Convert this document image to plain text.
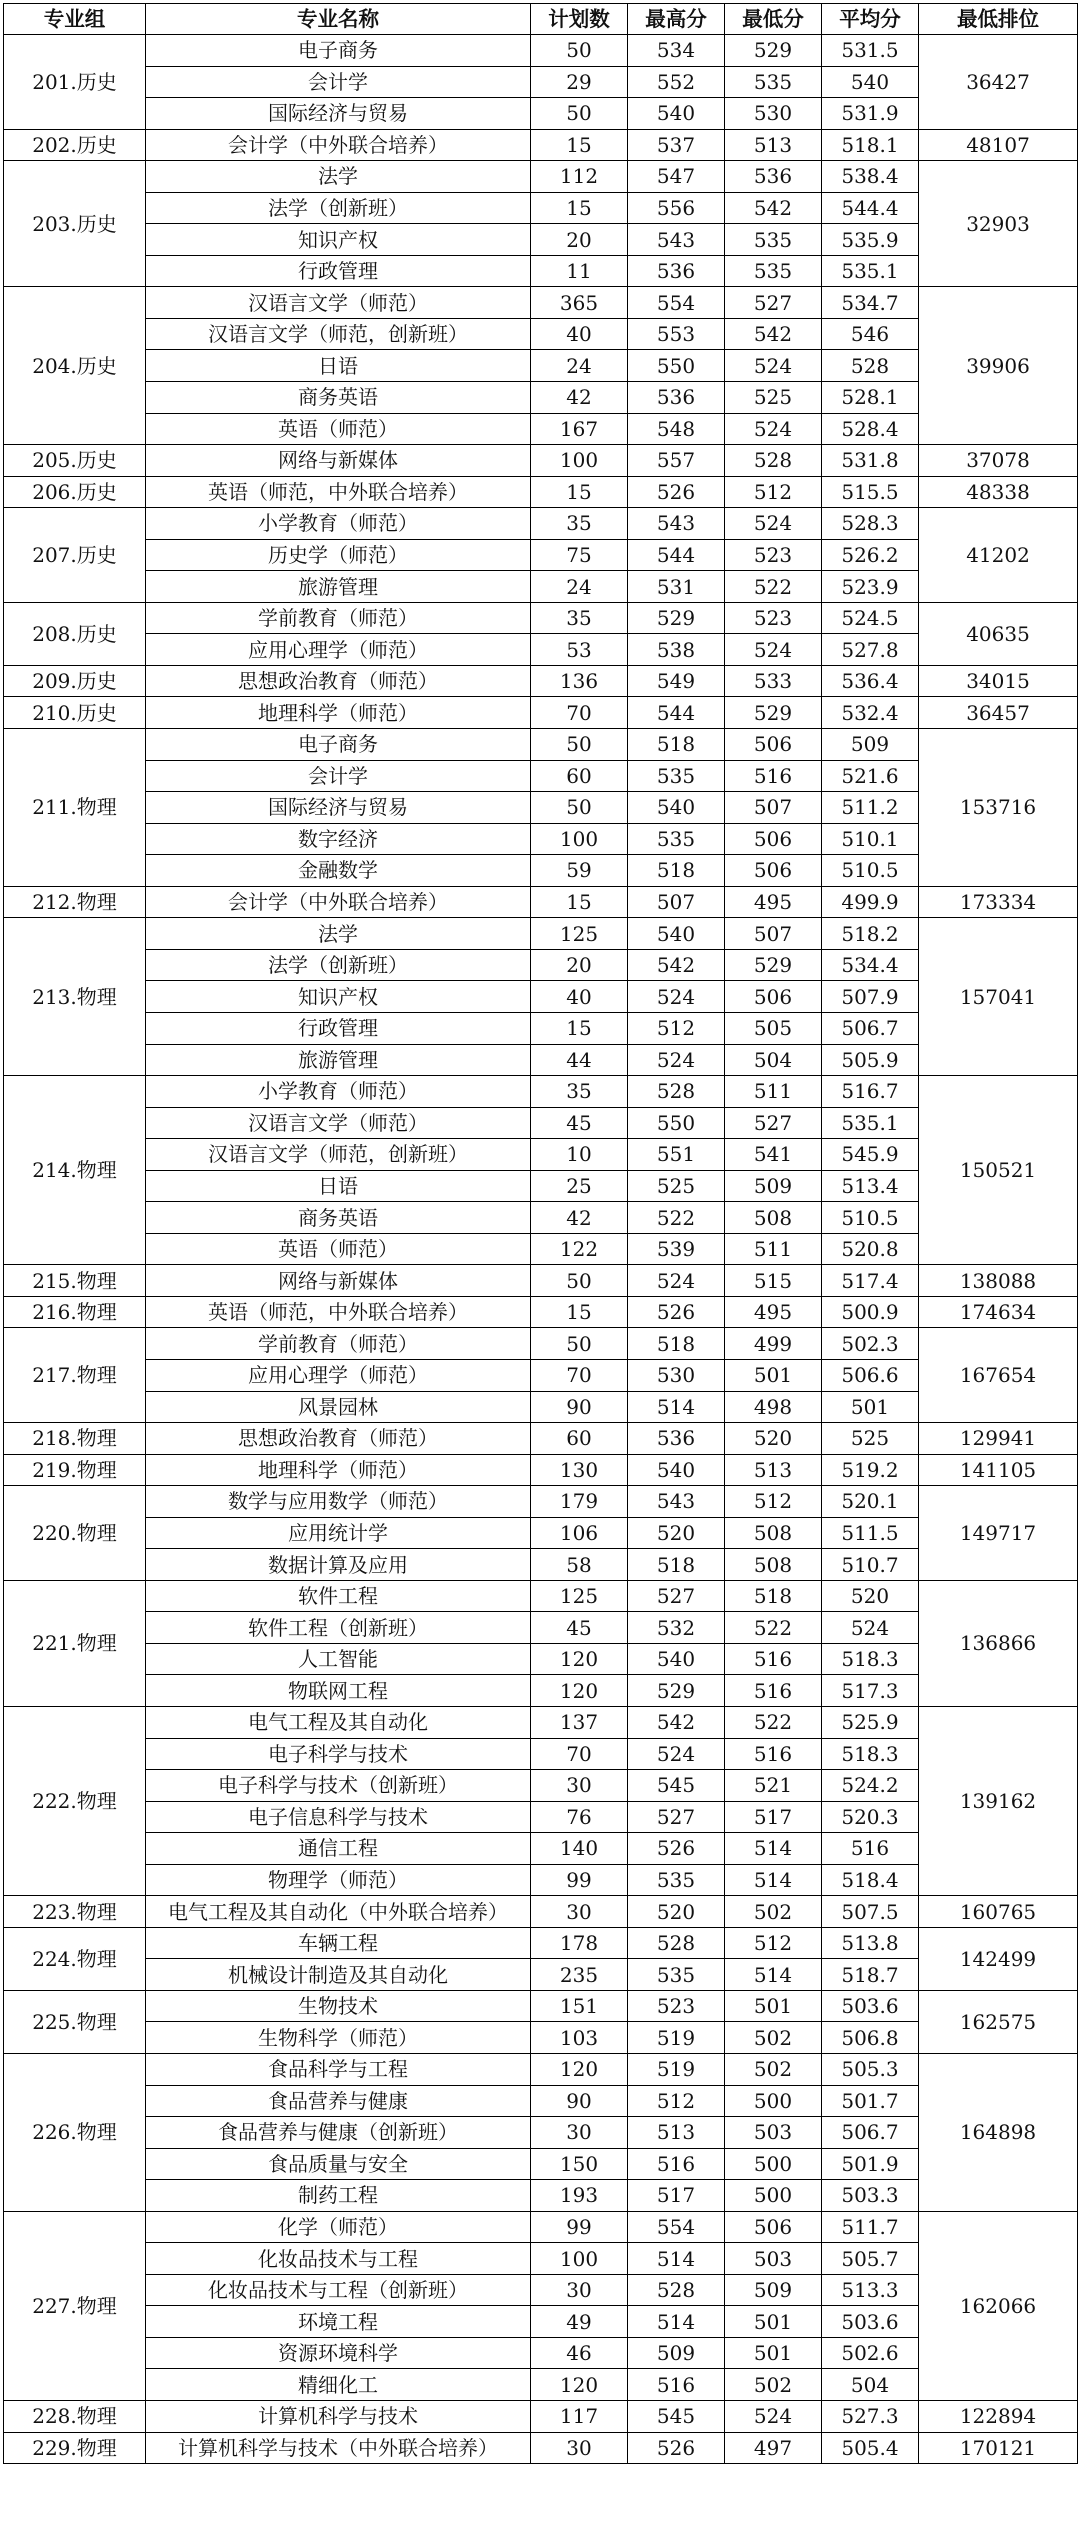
专业组	专业名称	计划数	最高分	最低分	平均分	最低排位
201.历史	电子商务	50	534	529	531.5	36427
	会计学	29	552	535	540	
	国际经济与贸易	50	540	530	531.9	
202.历史	会计学（中外联合培养）	15	537	513	518.1	48107
203.历史	法学	112	547	536	538.4	32903
	法学（创新班）	15	556	542	544.4	
	知识产权	20	543	535	535.9	
	行政管理	11	536	535	535.1	
204.历史	汉语言文学（师范）	365	554	527	534.7	39906
	汉语言文学（师范，创新班）	40	553	542	546	
	日语	24	550	524	528	
	商务英语	42	536	525	528.1	
	英语（师范）	167	548	524	528.4	
205.历史	网络与新媒体	100	557	528	531.8	37078
206.历史	英语（师范，中外联合培养）	15	526	512	515.5	48338
207.历史	小学教育（师范）	35	543	524	528.3	41202
	历史学（师范）	75	544	523	526.2	
	旅游管理	24	531	522	523.9	
208.历史	学前教育（师范）	35	529	523	524.5	40635
	应用心理学（师范）	53	538	524	527.8	
209.历史	思想政治教育（师范）	136	549	533	536.4	34015
210.历史	地理科学（师范）	70	544	529	532.4	36457
211.物理	电子商务	50	518	506	509	153716
	会计学	60	535	516	521.6	
	国际经济与贸易	50	540	507	511.2	
	数字经济	100	535	506	510.1	
	金融数学	59	518	506	510.5	
212.物理	会计学（中外联合培养）	15	507	495	499.9	173334
213.物理	法学	125	540	507	518.2	157041
	法学（创新班）	20	542	529	534.4	
	知识产权	40	524	506	507.9	
	行政管理	15	512	505	506.7	
	旅游管理	44	524	504	505.9	
214.物理	小学教育（师范）	35	528	511	516.7	150521
	汉语言文学（师范）	45	550	527	535.1	
	汉语言文学（师范，创新班）	10	551	541	545.9	
	日语	25	525	509	513.4	
	商务英语	42	522	508	510.5	
	英语（师范）	122	539	511	520.8	
215.物理	网络与新媒体	50	524	515	517.4	138088
216.物理	英语（师范，中外联合培养）	15	526	495	500.9	174634
217.物理	学前教育（师范）	50	518	499	502.3	167654
	应用心理学（师范）	70	530	501	506.6	
	风景园林	90	514	498	501	
218.物理	思想政治教育（师范）	60	536	520	525	129941
219.物理	地理科学（师范）	130	540	513	519.2	141105
220.物理	数学与应用数学（师范）	179	543	512	520.1	149717
	应用统计学	106	520	508	511.5	
	数据计算及应用	58	518	508	510.7	
221.物理	软件工程	125	527	518	520	136866
	软件工程（创新班）	45	532	522	524	
	人工智能	120	540	516	518.3	
	物联网工程	120	529	516	517.3	
222.物理	电气工程及其自动化	137	542	522	525.9	139162
	电子科学与技术	70	524	516	518.3	
	电子科学与技术（创新班）	30	545	521	524.2	
	电子信息科学与技术	76	527	517	520.3	
	通信工程	140	526	514	516	
	物理学（师范）	99	535	514	518.4	
223.物理	电气工程及其自动化（中外联合培养）	30	520	502	507.5	160765
224.物理	车辆工程	178	528	512	513.8	142499
	机械设计制造及其自动化	235	535	514	518.7	
225.物理	生物技术	151	523	501	503.6	162575
	生物科学（师范）	103	519	502	506.8	
226.物理	食品科学与工程	120	519	502	505.3	164898
	食品营养与健康	90	512	500	501.7	
	食品营养与健康（创新班）	30	513	503	506.7	
	食品质量与安全	150	516	500	501.9	
	制药工程	193	517	500	503.3	
227.物理	化学（师范）	99	554	506	511.7	162066
	化妆品技术与工程	100	514	503	505.7	
	化妆品技术与工程（创新班）	30	528	509	513.3	
	环境工程	49	514	501	503.6	
	资源环境科学	46	509	501	502.6	
	精细化工	120	516	502	504	
228.物理	计算机科学与技术	117	545	524	527.3	122894
229.物理	计算机科学与技术（中外联合培养）	30	526	497	505.4	170121
